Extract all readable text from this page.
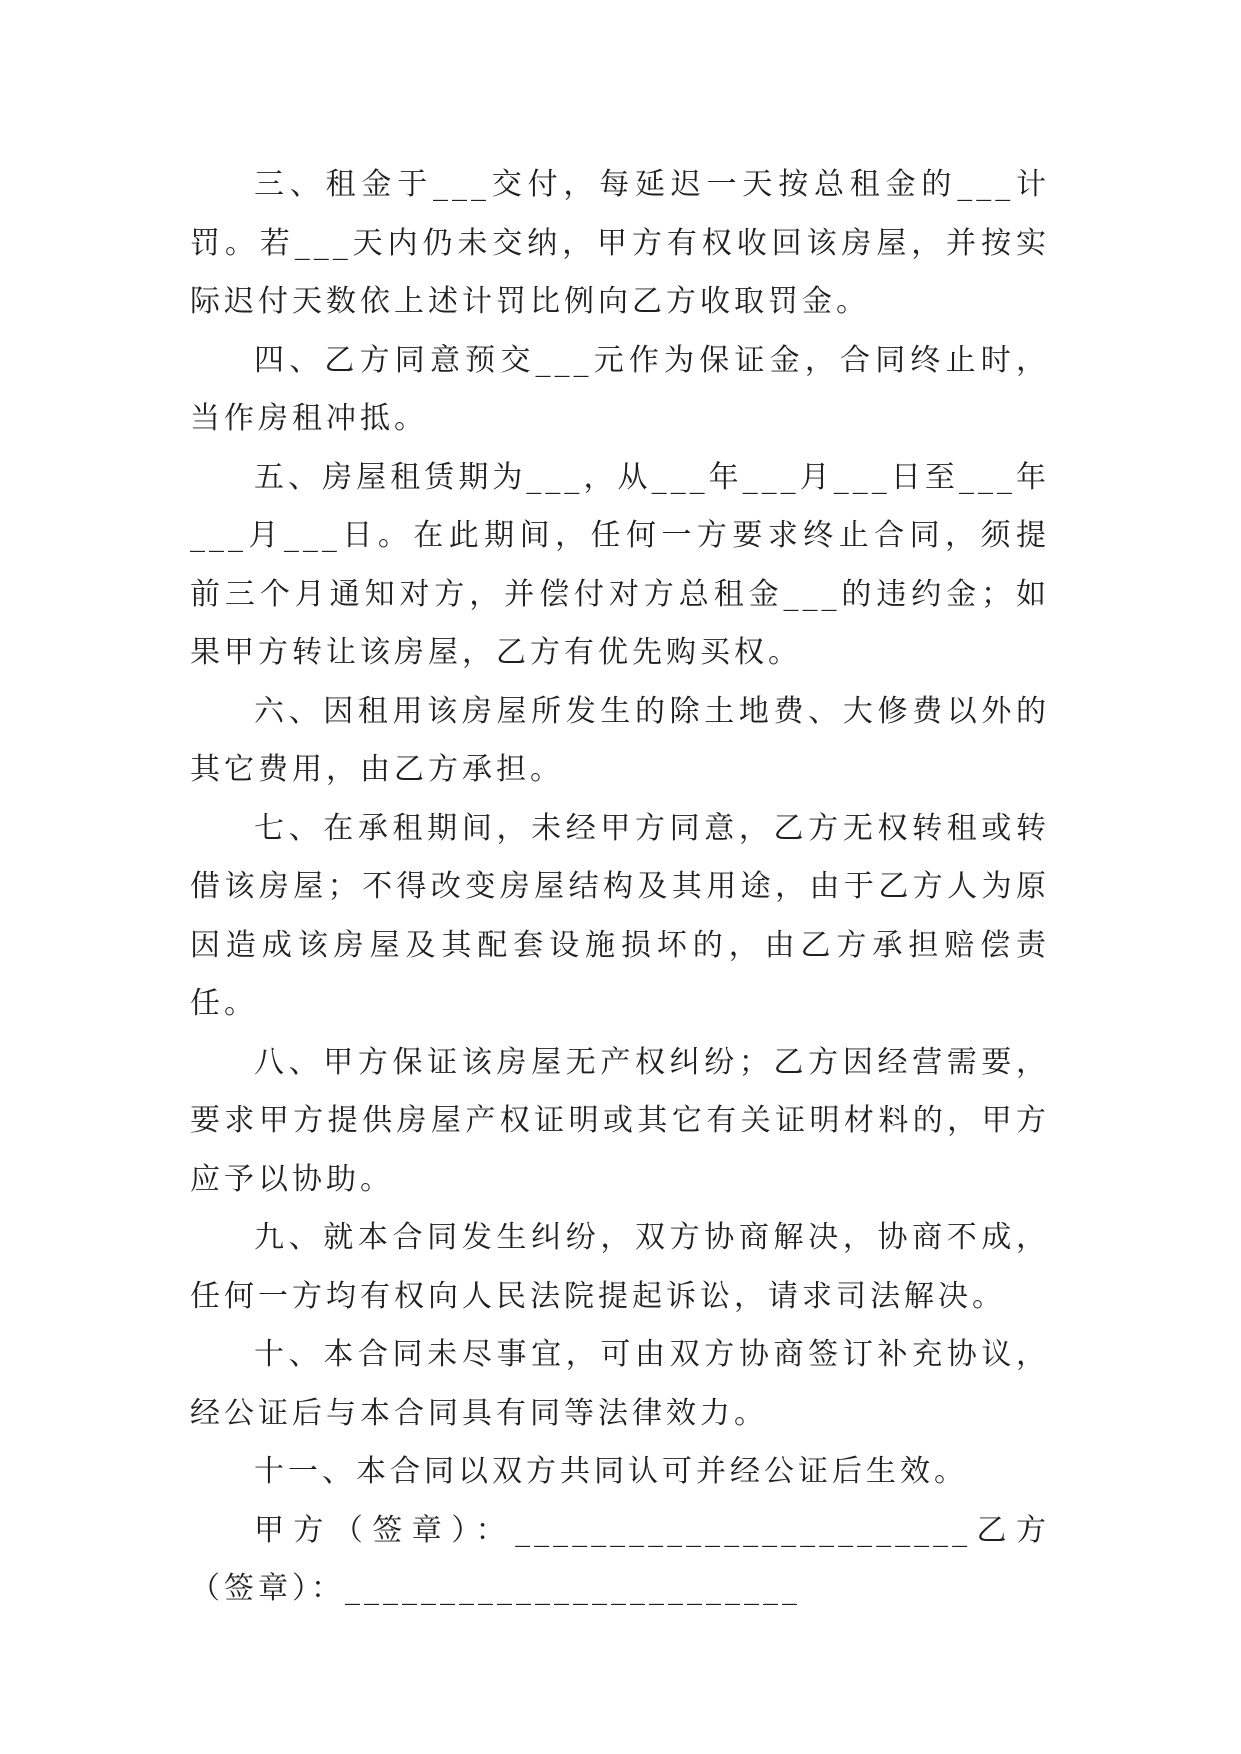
三、租金于___交付，每延迟一天按总租金的___计罚。若___天内仍未交纳，甲方有权收回该房屋，并按实际迟付天数依上述计罚比例向乙方收取罚金。

四、乙方同意预交___元作为保证金，合同终止时，当作房租冲抵。

五、房屋租赁期为___，从___年___月___日至___年___月___日。在此期间，任何一方要求终止合同，须提前三个月通知对方，并偿付对方总租金___的违约金；如果甲方转让该房屋，乙方有优先购买权。

六、因租用该房屋所发生的除土地费、大修费以外的其它费用，由乙方承担。

七、在承租期间，未经甲方同意，乙方无权转租或转借该房屋；不得改变房屋结构及其用途，由于乙方人为原因造成该房屋及其配套设施损坏的，由乙方承担赔偿责任。

八、甲方保证该房屋无产权纠纷；乙方因经营需要，要求甲方提供房屋产权证明或其它有关证明材料的，甲方应予以协助。

九、就本合同发生纠纷，双方协商解决，协商不成，任何一方均有权向人民法院提起诉讼，请求司法解决。

十、本合同未尽事宜，可由双方协商签订补充协议，经公证后与本合同具有同等法律效力。

十一、本合同以双方共同认可并经公证后生效。

甲方（签章）：________________________乙方（签章）：________________________
